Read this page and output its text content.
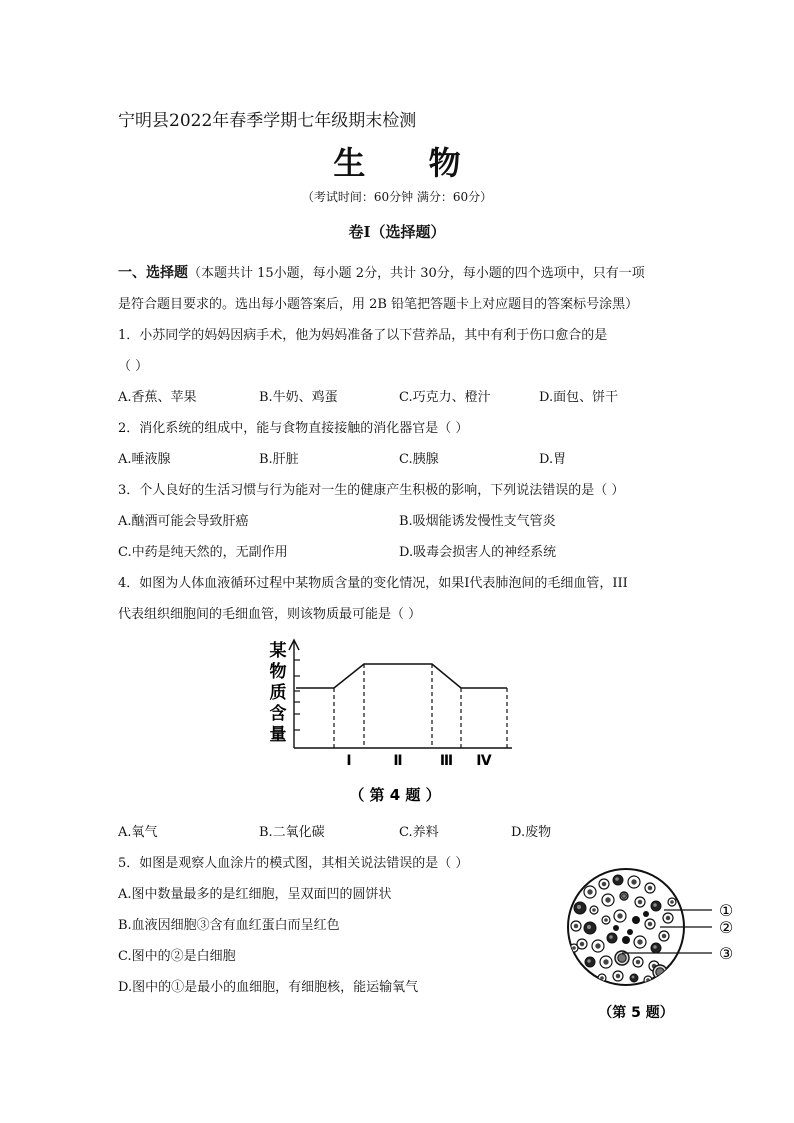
宁明县2022年春季学期七年级期末检测
生 物
（考试时间：60分钟 满分：60分）
卷Ⅰ（选择题）
一、选择题（本题共计 15小题，每小题 2分，共计 30分，每小题的四个选项中，只有一项
是符合题目要求的。选出每小题答案后，用 2B 铅笔把答题卡上对应题目的答案标号涂黑）
1．小苏同学的妈妈因病手术，他为妈妈准备了以下营养品，其中有利于伤口愈合的是
（ ）
A.香蕉、苹果	B.牛奶、鸡蛋	C.巧克力、橙汁	D.面包、饼干
2．消化系统的组成中，能与食物直接接触的消化器官是（ ）
A.唾液腺	B.肝脏	C.胰腺	D.胃
3．个人良好的生活习惯与行为能对一生的健康产生积极的影响，下列说法错误的是（ ）
A.酗酒可能会导致肝癌	B.吸烟能诱发慢性支气管炎
C.中药是纯天然的，无副作用	D.吸毒会损害人的神经系统
4．如图为人体血液循环过程中某物质含量的变化情况，如果Ⅰ代表肺泡间的毛细血管，III
代表组织细胞间的毛细血管，则该物质最可能是（ ）
某
物
质
含
量
Ⅰ	Ⅱ	Ⅲ Ⅳ
（ 第 4 题 ）
A.氧气	B.二氧化碳	C.养料	D.废物
5．如图是观察人血涂片的模式图，其相关说法错误的是（ ）
A.图中数量最多的是红细胞，呈双面凹的圆饼状
B.血液因细胞③含有血红蛋白而呈红色
C.图中的②是白细胞
D.图中的①是最小的血细胞，有细胞核，能运输氧气
①
②
③
（第 5 题）
